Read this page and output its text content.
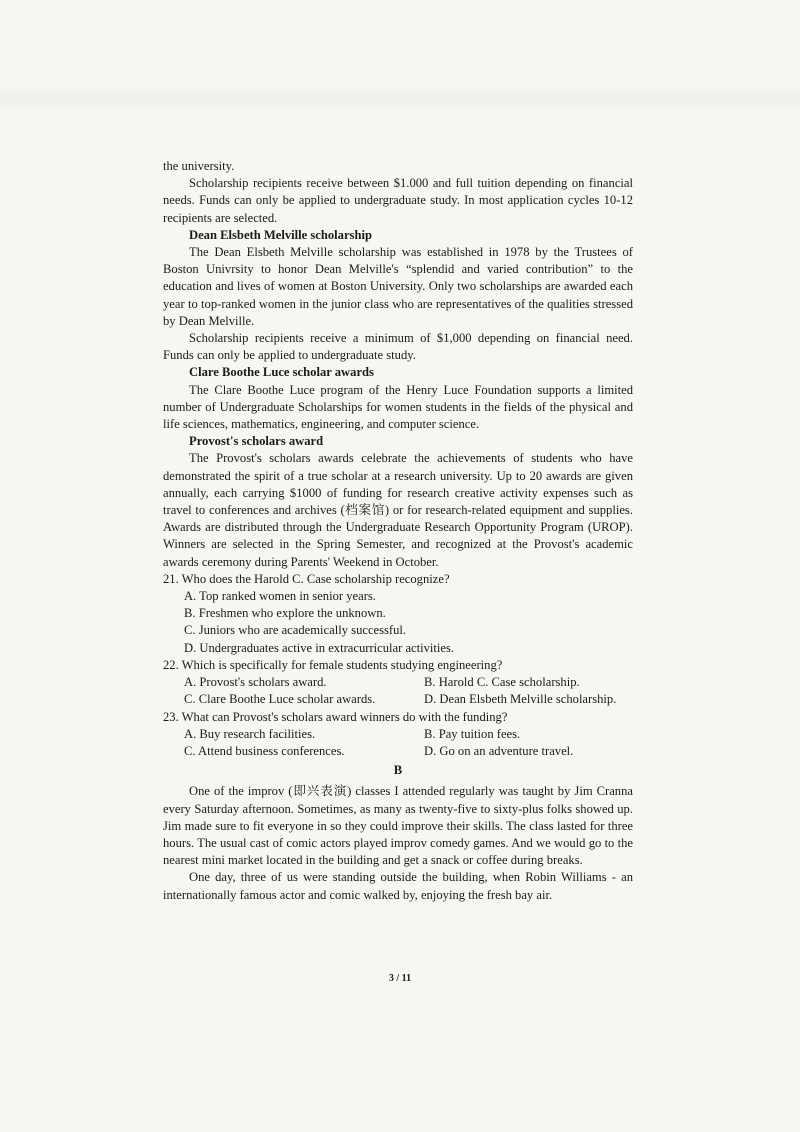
the university.

Scholarship recipients receive between $1.000 and full tuition depending on financial needs. Funds can only be applied to undergraduate study. In most application cycles 10-12 recipients are selected.

Dean Elsbeth Melville scholarship

The Dean Elsbeth Melville scholarship was established in 1978 by the Trustees of Boston Univrsity to honor Dean Melville's “splendid and varied contribution” to the education and lives of women at Boston University. Only two scholarships are awarded each year to top-ranked women in the junior class who are representatives of the qualities stressed by Dean Melville.

Scholarship recipients receive a minimum of $1,000 depending on financial need. Funds can only be applied to undergraduate study.

Clare Boothe Luce scholar awards

The Clare Boothe Luce program of the Henry Luce Foundation supports a limited number of Undergraduate Scholarships for women students in the fields of the physical and life sciences, mathematics, engineering, and computer science.

Provost's scholars award

The Provost's scholars awards celebrate the achievements of students who have demonstrated the spirit of a true scholar at a research university. Up to 20 awards are given annually, each carrying $1000 of funding for research creative activity expenses such as travel to conferences and archives (档案馆) or for research-related equipment and supplies. Awards are distributed through the Undergraduate Research Opportunity Program (UROP). Winners are selected in the Spring Semester, and recognized at the Provost's academic awards ceremony during Parents' Weekend in October.

21. Who does the Harold C. Case scholarship recognize?

A. Top ranked women in senior years.
B. Freshmen who explore the unknown.
C. Juniors who are academically successful.
D. Undergraduates active in extracurricular activities.

22. Which is specifically for female students studying engineering?

A. Provost's scholars award.	B. Harold C. Case scholarship.
C. Clare Boothe Luce scholar awards.	D. Dean Elsbeth Melville scholarship.

23. What can Provost's scholars award winners do with the funding?

A. Buy research facilities.	B. Pay tuition fees.
C. Attend business conferences.	D. Go on an adventure travel.
B

One of the improv (即兴表演) classes I attended regularly was taught by Jim Cranna every Saturday afternoon. Sometimes, as many as twenty-five to sixty-plus folks showed up. Jim made sure to fit everyone in so they could improve their skills. The class lasted for three hours. The usual cast of comic actors played improv comedy games. And we would go to the nearest mini market located in the building and get a snack or coffee during breaks.

One day, three of us were standing outside the building, when Robin Williams - an internationally famous actor and comic walked by, enjoying the fresh bay air.

3 / 11
